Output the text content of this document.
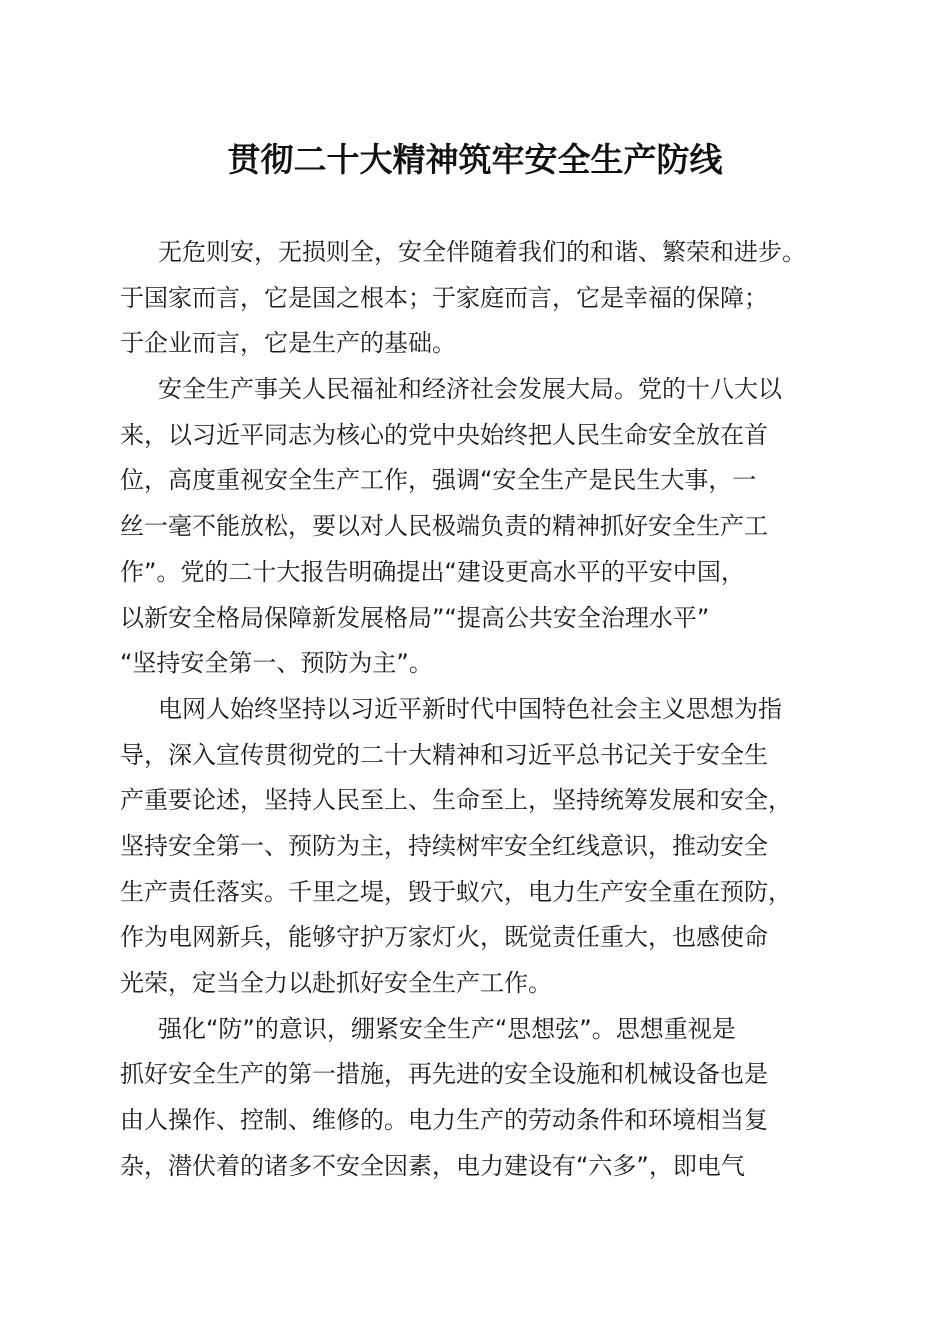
贯彻二十大精神筑牢安全生产防线
无危则安，无损则全，安全伴随着我们的和谐、繁荣和进步。
于国家而言，它是国之根本；于家庭而言，它是幸福的保障；
于企业而言，它是生产的基础。
安全生产事关人民福祉和经济社会发展大局。党的十八大以
来，以习近平同志为核心的党中央始终把人民生命安全放在首
位，高度重视安全生产工作，强调“安全生产是民生大事，一
丝一毫不能放松，要以对人民极端负责的精神抓好安全生产工
作”。党的二十大报告明确提出“建设更高水平的平安中国，
以新安全格局保障新发展格局”“提高公共安全治理水平”
“坚持安全第一、预防为主”。
电网人始终坚持以习近平新时代中国特色社会主义思想为指
导，深入宣传贯彻党的二十大精神和习近平总书记关于安全生
产重要论述，坚持人民至上、生命至上，坚持统筹发展和安全，
坚持安全第一、预防为主，持续树牢安全红线意识，推动安全
生产责任落实。千里之堤，毁于蚁穴，电力生产安全重在预防，
作为电网新兵，能够守护万家灯火，既觉责任重大，也感使命
光荣，定当全力以赴抓好安全生产工作。
强化“防”的意识，绷紧安全生产“思想弦”。思想重视是
抓好安全生产的第一措施，再先进的安全设施和机械设备也是
由人操作、控制、维修的。电力生产的劳动条件和环境相当复
杂，潜伏着的诸多不安全因素，电力建设有“六多”，即电气
